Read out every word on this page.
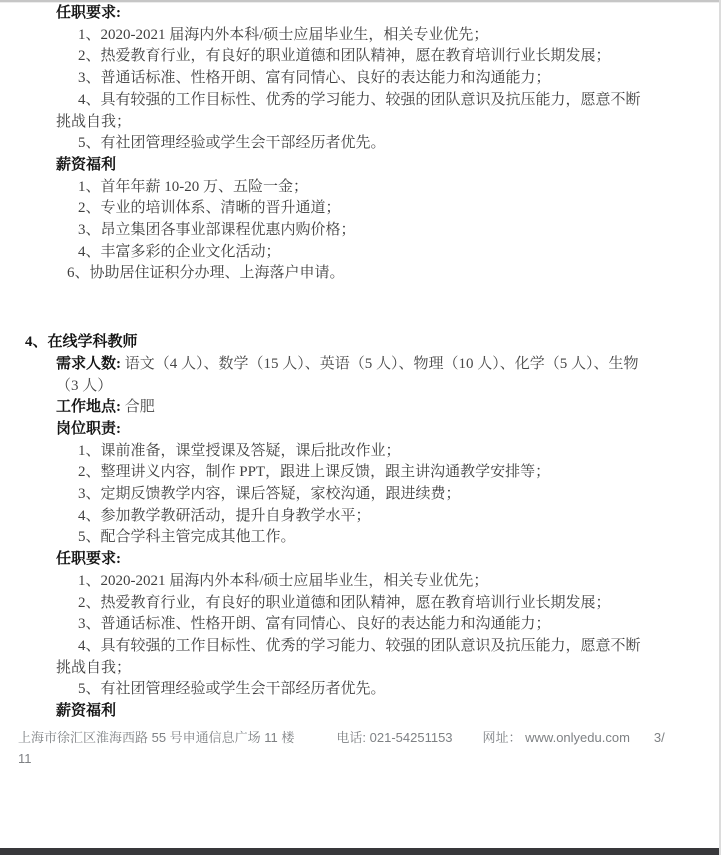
任职要求:

1、2020-2021 届海内外本科/硕士应届毕业生，相关专业优先；

2、热爱教育行业，有良好的职业道德和团队精神，愿在教育培训行业长期发展；

3、普通话标准、性格开朗、富有同情心、良好的表达能力和沟通能力；

4、具有较强的工作目标性、优秀的学习能力、较强的团队意识及抗压能力，愿意不断挑战自我；

5、有社团管理经验或学生会干部经历者优先。

薪资福利

1、首年年薪 10-20 万、五险一金；

2、专业的培训体系、清晰的晋升通道；

3、昂立集团各事业部课程优惠内购价格；

4、丰富多彩的企业文化活动；

6、协助居住证积分办理、上海落户申请。

4、在线学科教师

需求人数: 语文（4 人）、数学（15 人）、英语（5 人）、物理（10 人）、化学（5 人）、生物（3 人）

工作地点: 合肥

岗位职责:

1、课前准备，课堂授课及答疑，课后批改作业；

2、整理讲义内容，制作 PPT，跟进上课反馈，跟主讲沟通教学安排等；

3、定期反馈教学内容，课后答疑，家校沟通，跟进续费；

4、参加教学教研活动，提升自身教学水平；

5、配合学科主管完成其他工作。

任职要求:

1、2020-2021 届海内外本科/硕士应届毕业生，相关专业优先；

2、热爱教育行业，有良好的职业道德和团队精神，愿在教育培训行业长期发展；

3、普通话标准、性格开朗、富有同情心、良好的表达能力和沟通能力；

4、具有较强的工作目标性、优秀的学习能力、较强的团队意识及抗压能力，愿意不断挑战自我；

5、有社团管理经验或学生会干部经历者优先。

薪资福利

上海市徐汇区淮海西路 55 号申通信息广场 11 楼	电话: 021-54251153 网址： www.onlyedu.com 3/
11
